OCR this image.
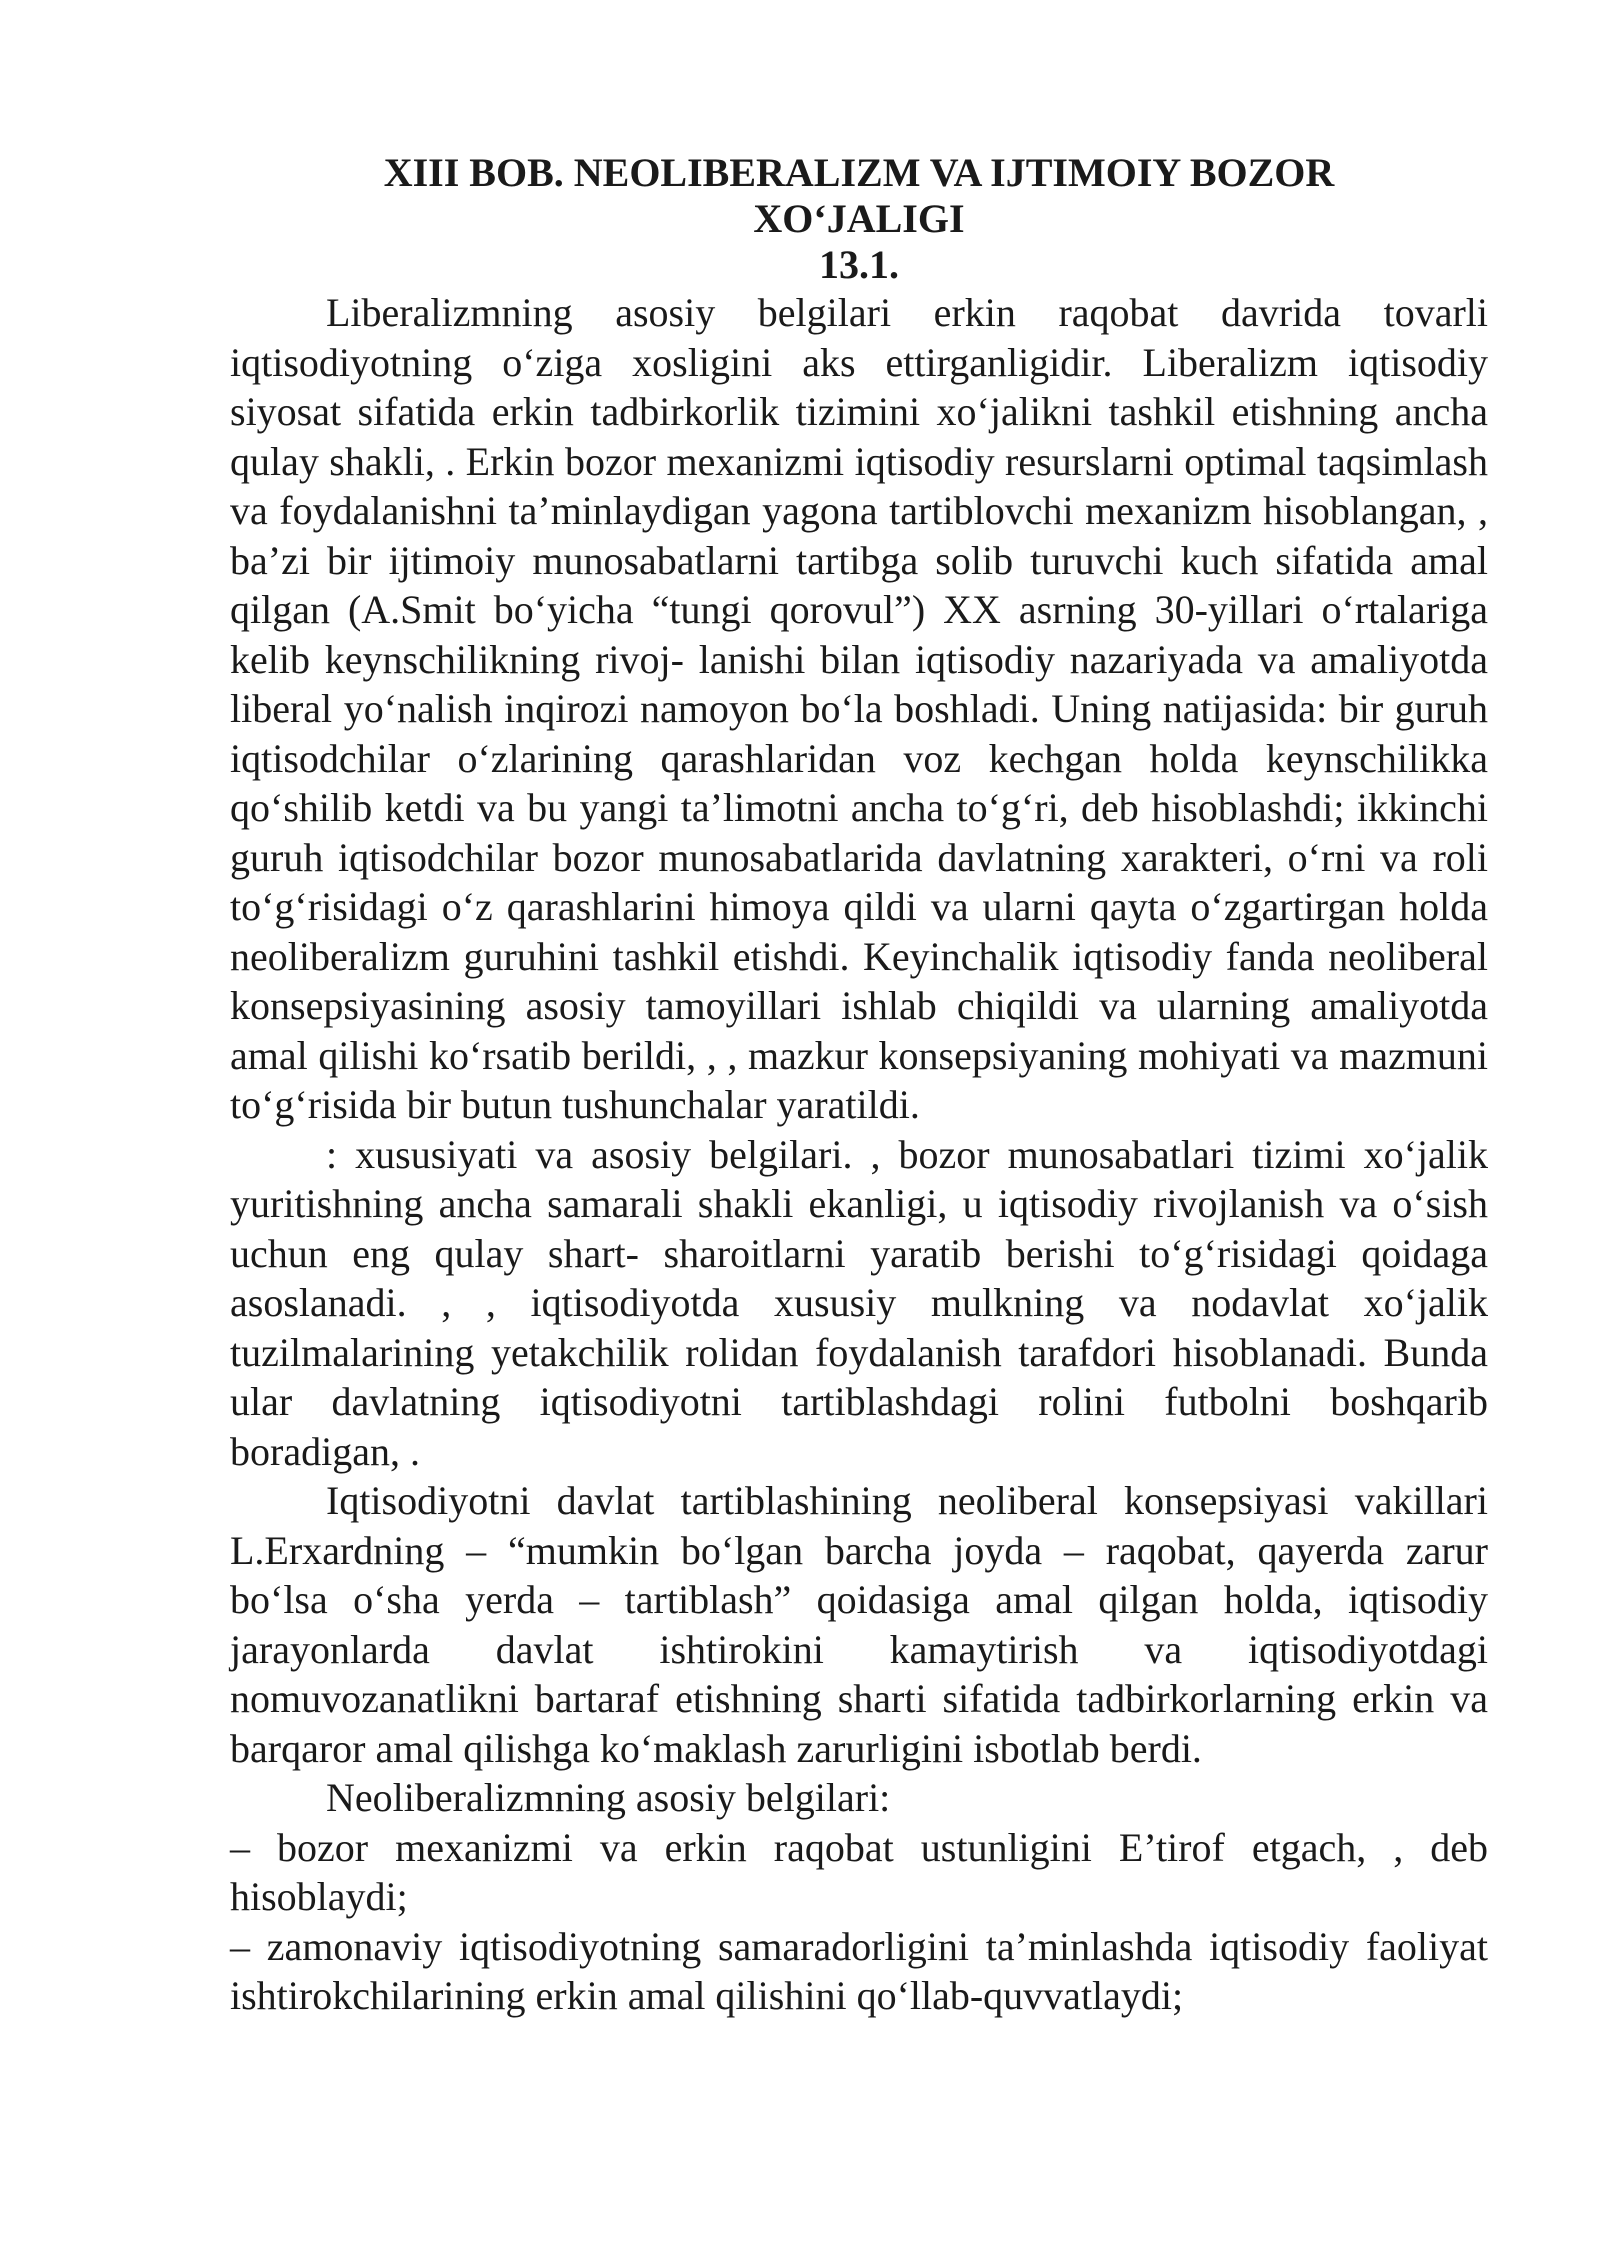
XIII BOB. NEOLIBERALIZM VA IJTIMOIY BOZOR
XO‘JALIGI
13.1.

Liberalizmning asosiy belgilari erkin raqobat davrida tovarli iqtisodiyotning o‘ziga xosligini aks ettirganligidir. Liberalizm iqtisodiy siyosat sifatida erkin tadbirkorlik tizimini xo‘jalikni tashkil etishning ancha qulay shakli, . Erkin bozor mexanizmi iqtisodiy resurslarni optimal taqsimlash va foydalanishni ta’minlaydigan yagona tartiblovchi mexanizm hisoblangan, , ba’zi bir ijtimoiy munosabatlarni tartibga solib turuvchi kuch sifatida amal qilgan (A.Smit bo‘yicha “tungi qorovul”) XX asrning 30-yillari o‘rtalariga kelib keynschilikning rivoj- lanishi bilan iqtisodiy nazariyada va amaliyotda liberal yo‘nalish inqirozi namoyon bo‘la boshladi. Uning natijasida: bir guruh iqtisodchilar o‘zlarining qarashlaridan voz kechgan holda keynschilikka qo‘shilib ketdi va bu yangi ta’limotni ancha to‘g‘ri, deb hisoblashdi; ikkinchi guruh iqtisodchilar bozor munosabatlarida davlatning xarakteri, o‘rni va roli to‘g‘risidagi o‘z qarashlarini himoya qildi va ularni qayta o‘zgartirgan holda neoliberalizm guruhini tashkil etishdi. Keyinchalik iqtisodiy fanda neoliberal konsepsiyasining asosiy tamoyillari ishlab chiqildi va ularning amaliyotda amal qilishi ko‘rsatib berildi, , , mazkur konsepsiyaning mohiyati va mazmuni to‘g‘risida bir butun tushunchalar yaratildi.

: xususiyati va asosiy belgilari. , bozor munosabatlari tizimi xo‘jalik yuritishning ancha samarali shakli ekanligi, u iqtisodiy rivojlanish va o‘sish uchun eng qulay shart- sharoitlarni yaratib berishi to‘g‘risidagi qoidaga asoslanadi. , , iqtisodiyotda xususiy mulkning va nodavlat xo‘jalik tuzilmalarining yetakchilik rolidan foydalanish tarafdori hisoblanadi. Bunda ular davlatning iqtisodiyotni tartiblashdagi rolini futbolni boshqarib boradigan, .

Iqtisodiyotni davlat tartiblashining neoliberal konsepsiyasi vakillari L.Erxardning – “mumkin bo‘lgan barcha joyda – raqobat, qayerda zarur bo‘lsa o‘sha yerda – tartiblash” qoidasiga amal qilgan holda, iqtisodiy jarayonlarda davlat ishtirokini kamaytirish va iqtisodiyotdagi nomuvozanatlikni bartaraf etishning sharti sifatida tadbirkorlarning erkin va barqaror amal qilishga ko‘maklash zarurligini isbotlab berdi.

Neoliberalizmning asosiy belgilari:

– bozor mexanizmi va erkin raqobat ustunligini E’tirof etgach, , deb hisoblaydi;

– zamonaviy iqtisodiyotning samaradorligini ta’minlashda iqtisodiy faoliyat ishtirokchilarining erkin amal qilishini qo‘llab-quvvatlaydi;
